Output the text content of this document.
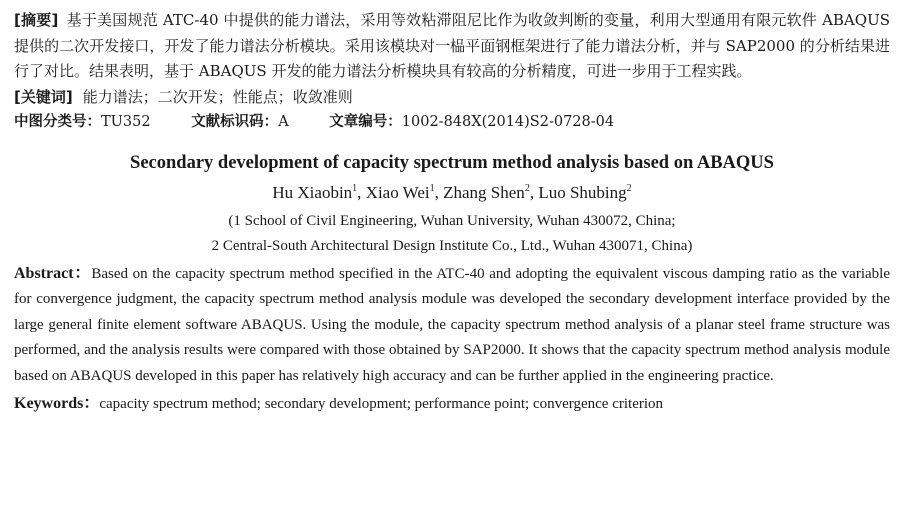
[摘要] 基于美国规范 ATC-40 中提供的能力谱法，采用等效粘滞阻尼比作为收敛判断的变量，利用大型通用有限元软件 ABAQUS 提供的二次开发接口，开发了能力谱法分析模块。采用该模块对一榀平面钢框架进行了能力谱法分析，并与 SAP2000 的分析结果进行了对比。结果表明，基于 ABAQUS 开发的能力谱法分析模块具有较高的分析精度，可进一步用于工程实践。

[关键词] 能力谱法；二次开发；性能点；收敛准则

中图分类号：TU352	文献标识码：A	文章编号：1002-848X(2014)S2-0728-04

Secondary development of capacity spectrum method analysis based on ABAQUS

Hu Xiaobin$^1$, Xiao Wei$^1$, Zhang Shen$^2$, Luo Shubing$^2$

(1 School of Civil Engineering, Wuhan University, Wuhan 430072, China;
2 Central-South Architectural Design Institute Co., Ltd., Wuhan 430071, China)

Abstract：Based on the capacity spectrum method specified in the ATC-40 and adopting the equivalent viscous damping ratio as the variable for convergence judgment, the capacity spectrum method analysis module was developed the secondary development interface provided by the large general finite element software ABAQUS. Using the module, the capacity spectrum method analysis of a planar steel frame structure was performed, and the analysis results were compared with those obtained by SAP2000. It shows that the capacity spectrum method analysis module based on ABAQUS developed in this paper has relatively high accuracy and can be further applied in the engineering practice.

Keywords：capacity spectrum method; secondary development; performance point; convergence criterion
